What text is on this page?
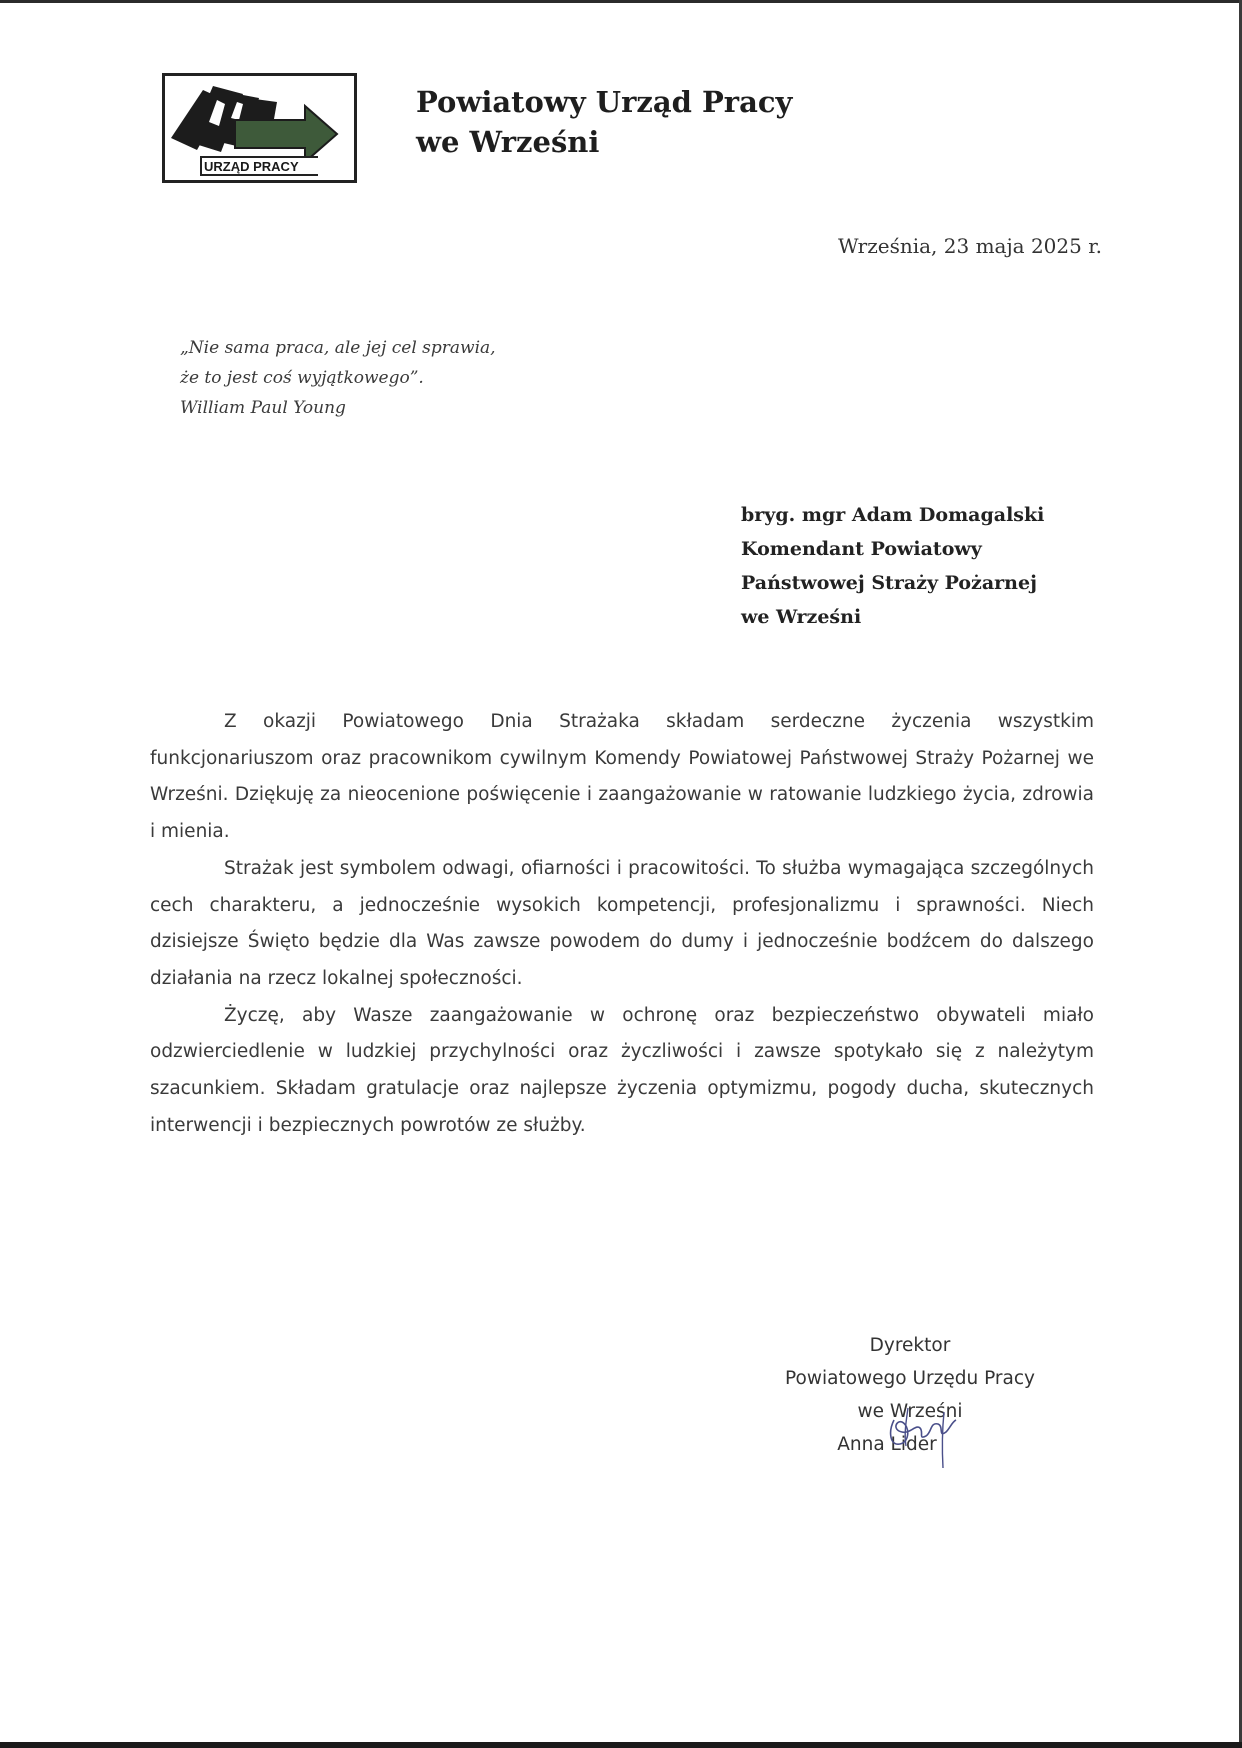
URZĄD PRACY
Powiatowy Urząd Pracy
we Wrześni
Września, 23 maja 2025 r.
„Nie sama praca, ale jej cel sprawia,
że to jest coś wyjątkowego”.
William Paul Young
bryg. mgr Adam Domagalski
Komendant Powiatowy
Państwowej Straży Pożarnej
we Wrześni

Z okazji Powiatowego Dnia Strażaka składam serdeczne życzenia wszystkim funkcjonariuszom oraz pracownikom cywilnym Komendy Powiatowej Państwowej Straży Pożarnej we Wrześni. Dziękuję za nieocenione poświęcenie i zaangażowanie w ratowanie ludzkiego życia, zdrowia i mienia.

Strażak jest symbolem odwagi, ofiarności i pracowitości. To służba wymagająca szczególnych cech charakteru, a jednocześnie wysokich kompetencji, profesjonalizmu i sprawności. Niech dzisiejsze Święto będzie dla Was zawsze powodem do dumy i jednocześnie bodźcem do dalszego działania na rzecz lokalnej społeczności.

Życzę, aby Wasze zaangażowanie w ochronę oraz bezpieczeństwo obywateli miało odzwierciedlenie w ludzkiej przychylności oraz życzliwości i zawsze spotykało się z należytym szacunkiem. Składam gratulacje oraz najlepsze życzenia optymizmu, pogody ducha, skutecznych interwencji i bezpiecznych powrotów ze służby.

Dyrektor
Powiatowego Urzędu Pracy
we Wrześni
Anna Lider
